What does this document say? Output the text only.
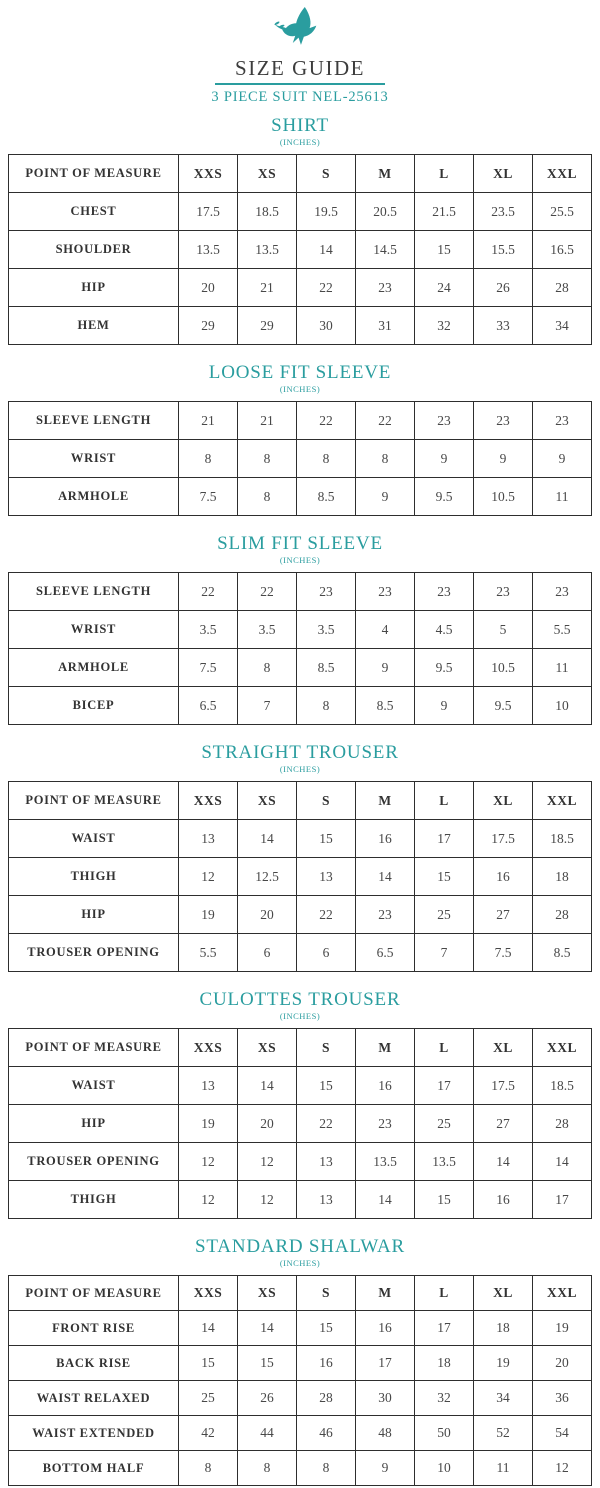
SIZE GUIDE
3 PIECE SUIT NEL-25613
SHIRT
(INCHES)
POINT OF MEASURE	XXS	XS	S	M	L	XL	XXL
CHEST	17.5	18.5	19.5	20.5	21.5	23.5	25.5
SHOULDER	13.5	13.5	14	14.5	15	15.5	16.5
HIP	20	21	22	23	24	26	28
HEM	29	29	30	31	32	33	34
LOOSE FIT SLEEVE
(INCHES)
SLEEVE LENGTH	21	21	22	22	23	23	23
WRIST	8	8	8	8	9	9	9
ARMHOLE	7.5	8	8.5	9	9.5	10.5	11
SLIM FIT SLEEVE
(INCHES)
SLEEVE LENGTH	22	22	23	23	23	23	23
WRIST	3.5	3.5	3.5	4	4.5	5	5.5
ARMHOLE	7.5	8	8.5	9	9.5	10.5	11
BICEP	6.5	7	8	8.5	9	9.5	10
STRAIGHT TROUSER
(INCHES)
POINT OF MEASURE	XXS	XS	S	M	L	XL	XXL
WAIST	13	14	15	16	17	17.5	18.5
THIGH	12	12.5	13	14	15	16	18
HIP	19	20	22	23	25	27	28
TROUSER OPENING	5.5	6	6	6.5	7	7.5	8.5
CULOTTES TROUSER
(INCHES)
POINT OF MEASURE	XXS	XS	S	M	L	XL	XXL
WAIST	13	14	15	16	17	17.5	18.5
HIP	19	20	22	23	25	27	28
TROUSER OPENING	12	12	13	13.5	13.5	14	14
THIGH	12	12	13	14	15	16	17
STANDARD SHALWAR
(INCHES)
POINT OF MEASURE	XXS	XS	S	M	L	XL	XXL
FRONT RISE	14	14	15	16	17	18	19
BACK RISE	15	15	16	17	18	19	20
WAIST RELAXED	25	26	28	30	32	34	36
WAIST EXTENDED	42	44	46	48	50	52	54
BOTTOM HALF	8	8	8	9	10	11	12
